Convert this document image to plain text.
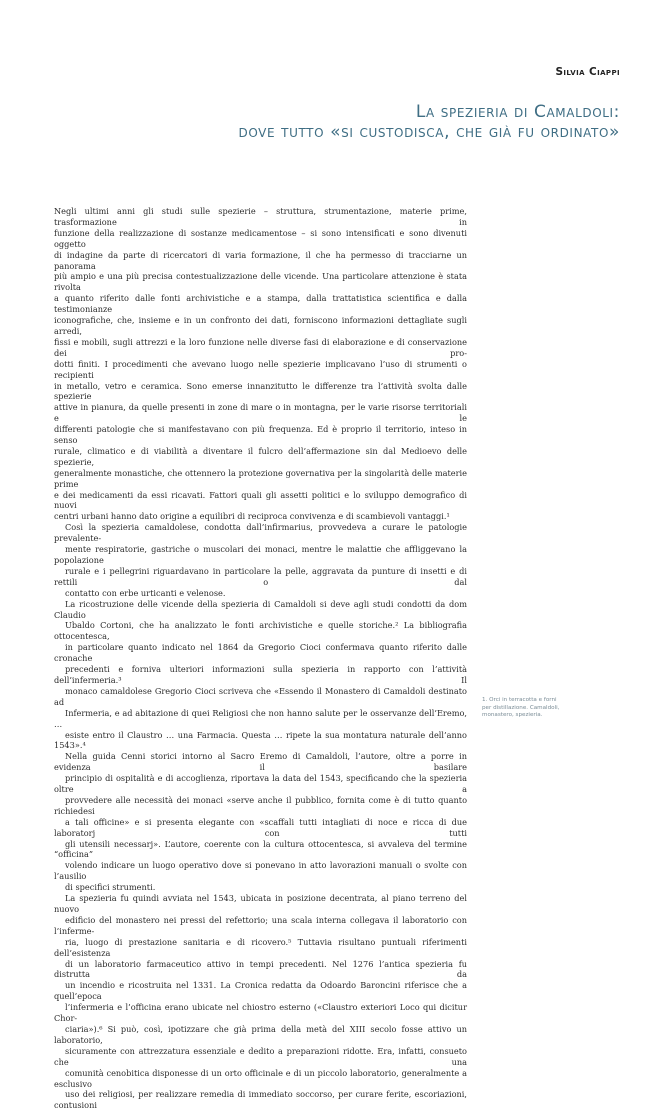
Silvia Ciappi
La spezieria di Camaldoli:
dove tutto «si custodisca, che già fu ordinato»

Negli ultimi anni gli studi sulle spezierie – struttura, strumentazione, materie prime, trasformazione in
funzione della realizzazione di sostanze medicamentose – si sono intensificati e sono divenuti oggetto
di indagine da parte di ricercatori di varia formazione, il che ha permesso di tracciarne un panorama
più ampio e una più precisa contestualizzazione delle vicende. Una particolare attenzione è stata rivolta
a quanto riferito dalle fonti archivistiche e a stampa, dalla trattatistica scientifica e dalla testimonianze
iconografiche, che, insieme e in un confronto dei dati, forniscono informazioni dettagliate sugli arredi,
fissi e mobili, sugli attrezzi e la loro funzione nelle diverse fasi di elaborazione e di conservazione dei pro-
dotti finiti. I procedimenti che avevano luogo nelle spezierie implicavano l’uso di strumenti o recipienti
in metallo, vetro e ceramica. Sono emerse innanzitutto le differenze tra l’attività svolta dalle spezierie
attive in pianura, da quelle presenti in zone di mare o in montagna, per le varie risorse territoriali e le
differenti patologie che si manifestavano con più frequenza. Ed è proprio il territorio, inteso in senso
rurale, climatico e di viabilità a diventare il fulcro dell’affermazione sin dal Medioevo delle spezierie,
generalmente monastiche, che ottennero la protezione governativa per la singolarità delle materie prime
e dei medicamenti da essi ricavati. Fattori quali gli assetti politici e lo sviluppo demografico di nuovi
centri urbani hanno dato origine a equilibri di reciproca convivenza e di scambievoli vantaggi.¹

Così la spezieria camaldolese, condotta dall’infirmarius, provvedeva a curare le patologie prevalente-
mente respiratorie, gastriche o muscolari dei monaci, mentre le malattie che affliggevano la popolazione
rurale e i pellegrini riguardavano in particolare la pelle, aggravata da punture di insetti e di rettili o dal
contatto con erbe urticanti e velenose.

La ricostruzione delle vicende della spezieria di Camaldoli si deve agli studi condotti da dom Claudio
Ubaldo Cortoni, che ha analizzato le fonti archivistiche e quelle storiche.² La bibliografia ottocentesca,
in particolare quanto indicato nel 1864 da Gregorio Cioci confermava quanto riferito dalle cronache
precedenti e forniva ulteriori informazioni sulla spezieria in rapporto con l’attività dell’infermeria.³ Il
monaco camaldolese Gregorio Cioci scriveva che «Essendo il Monastero di Camaldoli destinato ad
Infermeria, e ad abitazione di quei Religiosi che non hanno salute per le osservanze dell’Eremo, …
esiste entro il Claustro … una Farmacia. Questa … ripete la sua montatura naturale dell’anno 1543».⁴
Nella guida Cenni storici intorno al Sacro Eremo di Camaldoli, l’autore, oltre a porre in evidenza il basilare
principio di ospitalità e di accoglienza, riportava la data del 1543, specificando che la spezieria oltre a
provvedere alle necessità dei monaci «serve anche il pubblico, fornita come è di tutto quanto richiedesi
a tali officine» e si presenta elegante con «scaffali tutti intagliati di noce e ricca di due laboratorj con tutti
gli utensili necessarj». L’autore, coerente con la cultura ottocentesca, si avvaleva del termine “officina”
volendo indicare un luogo operativo dove si ponevano in atto lavorazioni manuali o svolte con l’ausilio
di specifici strumenti.

La spezieria fu quindi avviata nel 1543, ubicata in posizione decentrata, al piano terreno del nuovo
edificio del monastero nei pressi del refettorio; una scala interna collegava il laboratorio con l’inferme-
ria, luogo di prestazione sanitaria e di ricovero.⁵ Tuttavia risultano puntuali riferimenti dell’esistenza
di un laboratorio farmaceutico attivo in tempi precedenti. Nel 1276 l’antica spezieria fu distrutta da
un incendio e ricostruita nel 1331. La Cronica redatta da Odoardo Baroncini riferisce che a quell’epoca
l’infermeria e l’officina erano ubicate nel chiostro esterno («Claustro exteriori Loco qui dicitur Chor-
ciaria»).⁶ Si può, così, ipotizzare che già prima della metà del XIII secolo fosse attivo un laboratorio,
sicuramente con attrezzatura essenziale e dedito a preparazioni ridotte. Era, infatti, consueto che una
comunità cenobitica disponesse di un orto officinale e di un piccolo laboratorio, generalmente a esclusivo
uso dei religiosi, per realizzare remedia di immediato soccorso, per curare ferite, escoriazioni, contusioni

1. Orci in terracotta e forni
per distillazione. Camaldoli,
monastero, spezieria.
